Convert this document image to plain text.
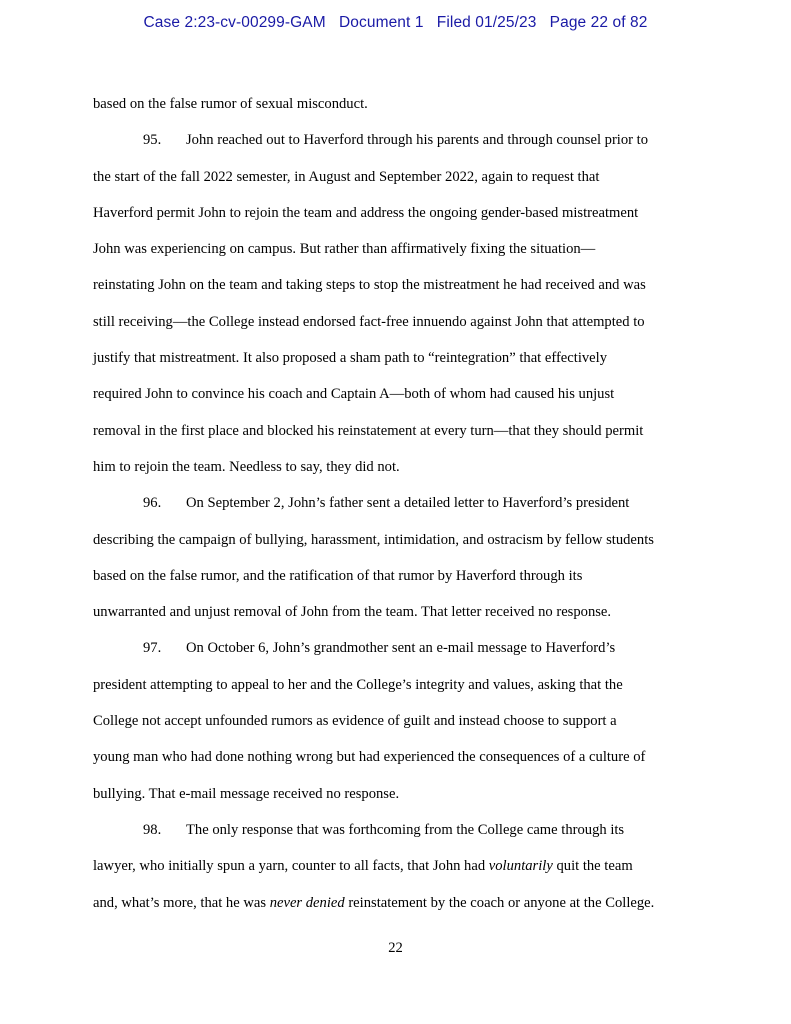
Case 2:23-cv-00299-GAM Document 1 Filed 01/25/23 Page 22 of 82
based on the false rumor of sexual misconduct.
95. John reached out to Haverford through his parents and through counsel prior to
the start of the fall 2022 semester, in August and September 2022, again to request that
Haverford permit John to rejoin the team and address the ongoing gender-based mistreatment
John was experiencing on campus. But rather than affirmatively fixing the situation—
reinstating John on the team and taking steps to stop the mistreatment he had received and was
still receiving—the College instead endorsed fact-free innuendo against John that attempted to
justify that mistreatment. It also proposed a sham path to “reintegration” that effectively
required John to convince his coach and Captain A—both of whom had caused his unjust
removal in the first place and blocked his reinstatement at every turn—that they should permit
him to rejoin the team. Needless to say, they did not.
96. On September 2, John’s father sent a detailed letter to Haverford’s president
describing the campaign of bullying, harassment, intimidation, and ostracism by fellow students
based on the false rumor, and the ratification of that rumor by Haverford through its
unwarranted and unjust removal of John from the team. That letter received no response.
97. On October 6, John’s grandmother sent an e-mail message to Haverford’s
president attempting to appeal to her and the College’s integrity and values, asking that the
College not accept unfounded rumors as evidence of guilt and instead choose to support a
young man who had done nothing wrong but had experienced the consequences of a culture of
bullying. That e-mail message received no response.
98. The only response that was forthcoming from the College came through its
lawyer, who initially spun a yarn, counter to all facts, that John had voluntarily quit the team
and, what’s more, that he was never denied reinstatement by the coach or anyone at the College.
22
